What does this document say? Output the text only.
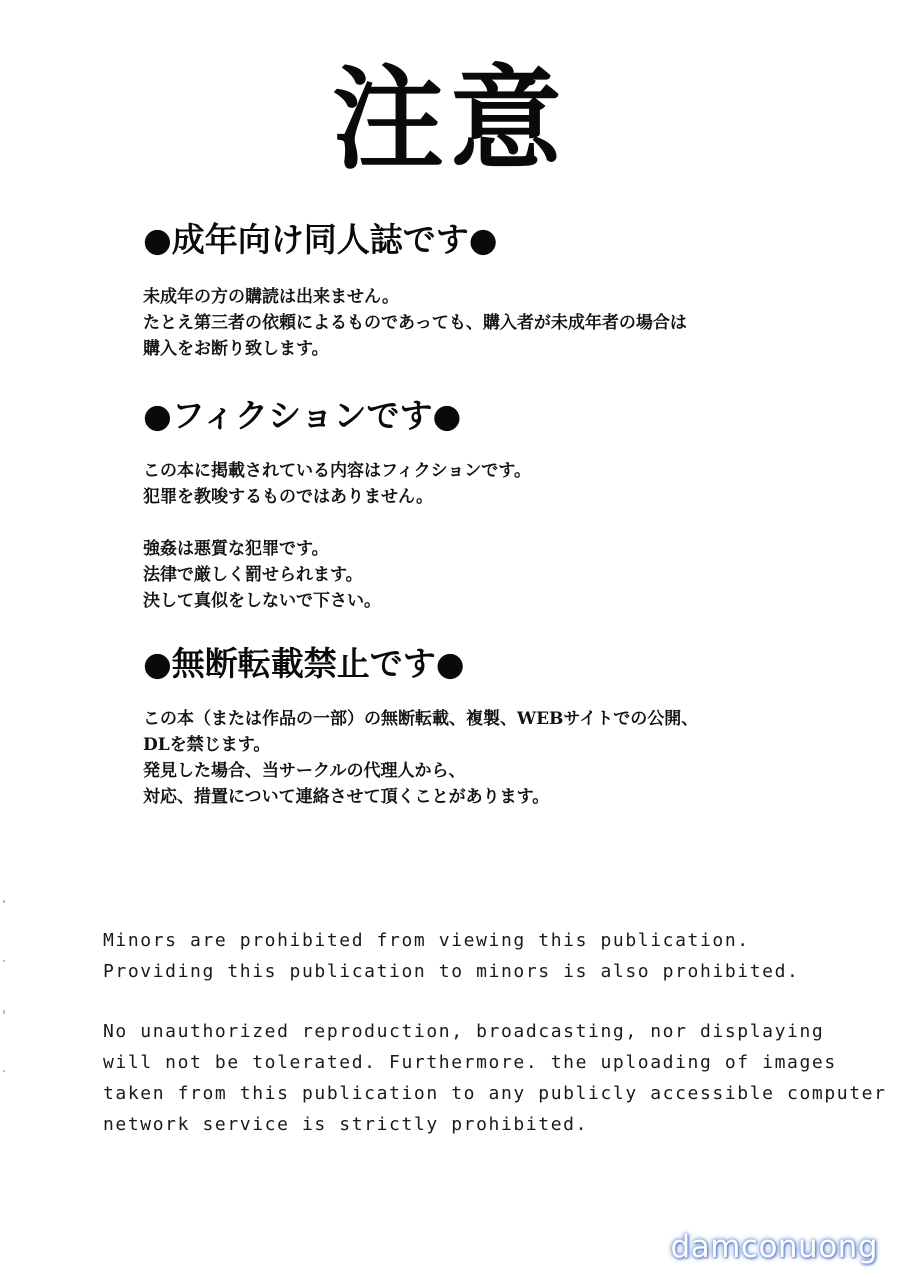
注意
●成年向け同人誌です●
未成年の方の購読は出来ません。
たとえ第三者の依頼によるものであっても、購入者が未成年者の場合は
購入をお断り致します。
●フィクションです●
この本に掲載されている内容はフィクションです。
犯罪を教唆するものではありません。
強姦は悪質な犯罪です。
法律で厳しく罰せられます。
決して真似をしないで下さい。
●無断転載禁止です●
この本（または作品の一部）の無断転載、複製、WEBサイトでの公開、
DLを禁じます。
発見した場合、当サークルの代理人から、
対応、措置について連絡させて頂くことがあります。
Minors are prohibited from viewing this publication.
Providing this publication to minors is also prohibited.
No unauthorized reproduction, broadcasting, nor displaying
will not be tolerated. Furthermore. the uploading of images
taken from this publication to any publicly accessible computer
network service is strictly prohibited.
damconuong
